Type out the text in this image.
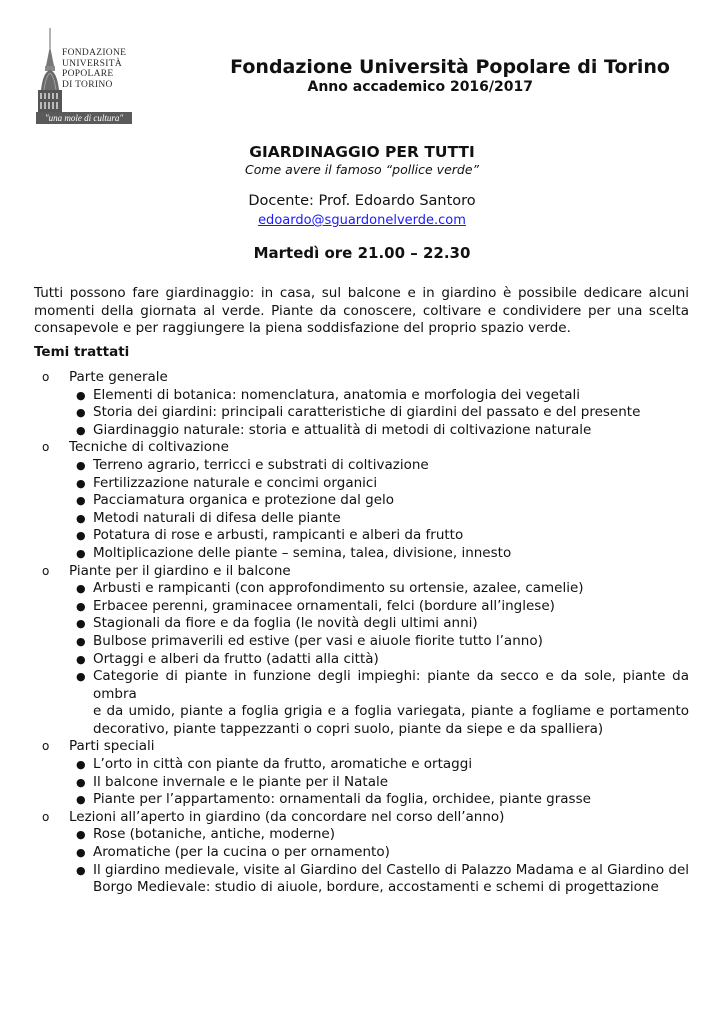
FONDAZIONE
UNIVERSITÀ
POPOLARE
DI TORINO
"una mole di cultura"
Fondazione Università Popolare di Torino
Anno accademico 2016/2017
GIARDINAGGIO PER TUTTI
Come avere il famoso “pollice verde”
Docente: Prof. Edoardo Santoro
edoardo@sguardonelverde.com
Martedì ore 21.00 – 22.30
Tutti possono fare giardinaggio: in casa, sul balcone e in giardino è possibile dedicare alcuni
momenti della giornata al verde. Piante da conoscere, coltivare e condividere per una scelta
consapevole e per raggiungere la piena soddisfazione del proprio spazio verde.
Temi trattati
o Parte generale
● Elementi di botanica: nomenclatura, anatomia e morfologia dei vegetali
● Storia dei giardini: principali caratteristiche di giardini del passato e del presente
● Giardinaggio naturale: storia e attualità di metodi di coltivazione naturale
o Tecniche di coltivazione
● Terreno agrario, terricci e substrati di coltivazione
● Fertilizzazione naturale e concimi organici
● Pacciamatura organica e protezione dal gelo
● Metodi naturali di difesa delle piante
● Potatura di rose e arbusti, rampicanti e alberi da frutto
● Moltiplicazione delle piante – semina, talea, divisione, innesto
o Piante per il giardino e il balcone
● Arbusti e rampicanti (con approfondimento su ortensie, azalee, camelie)
● Erbacee perenni, graminacee ornamentali, felci (bordure all’inglese)
● Stagionali da fiore e da foglia (le novità degli ultimi anni)
● Bulbose primaverili ed estive (per vasi e aiuole fiorite tutto l’anno)
● Ortaggi e alberi da frutto (adatti alla città)
● Categorie di piante in funzione degli impieghi: piante da secco e da sole, piante da ombra
e da umido, piante a foglia grigia e a foglia variegata, piante a fogliame e portamento
decorativo, piante tappezzanti o copri suolo, piante da siepe e da spalliera)
o Parti speciali
● L’orto in città con piante da frutto, aromatiche e ortaggi
● Il balcone invernale e le piante per il Natale
● Piante per l’appartamento: ornamentali da foglia, orchidee, piante grasse
o Lezioni all’aperto in giardino (da concordare nel corso dell’anno)
● Rose (botaniche, antiche, moderne)
● Aromatiche (per la cucina o per ornamento)
● Il giardino medievale, visite al Giardino del Castello di Palazzo Madama e al Giardino del
Borgo Medievale: studio di aiuole, bordure, accostamenti e schemi di progettazione
